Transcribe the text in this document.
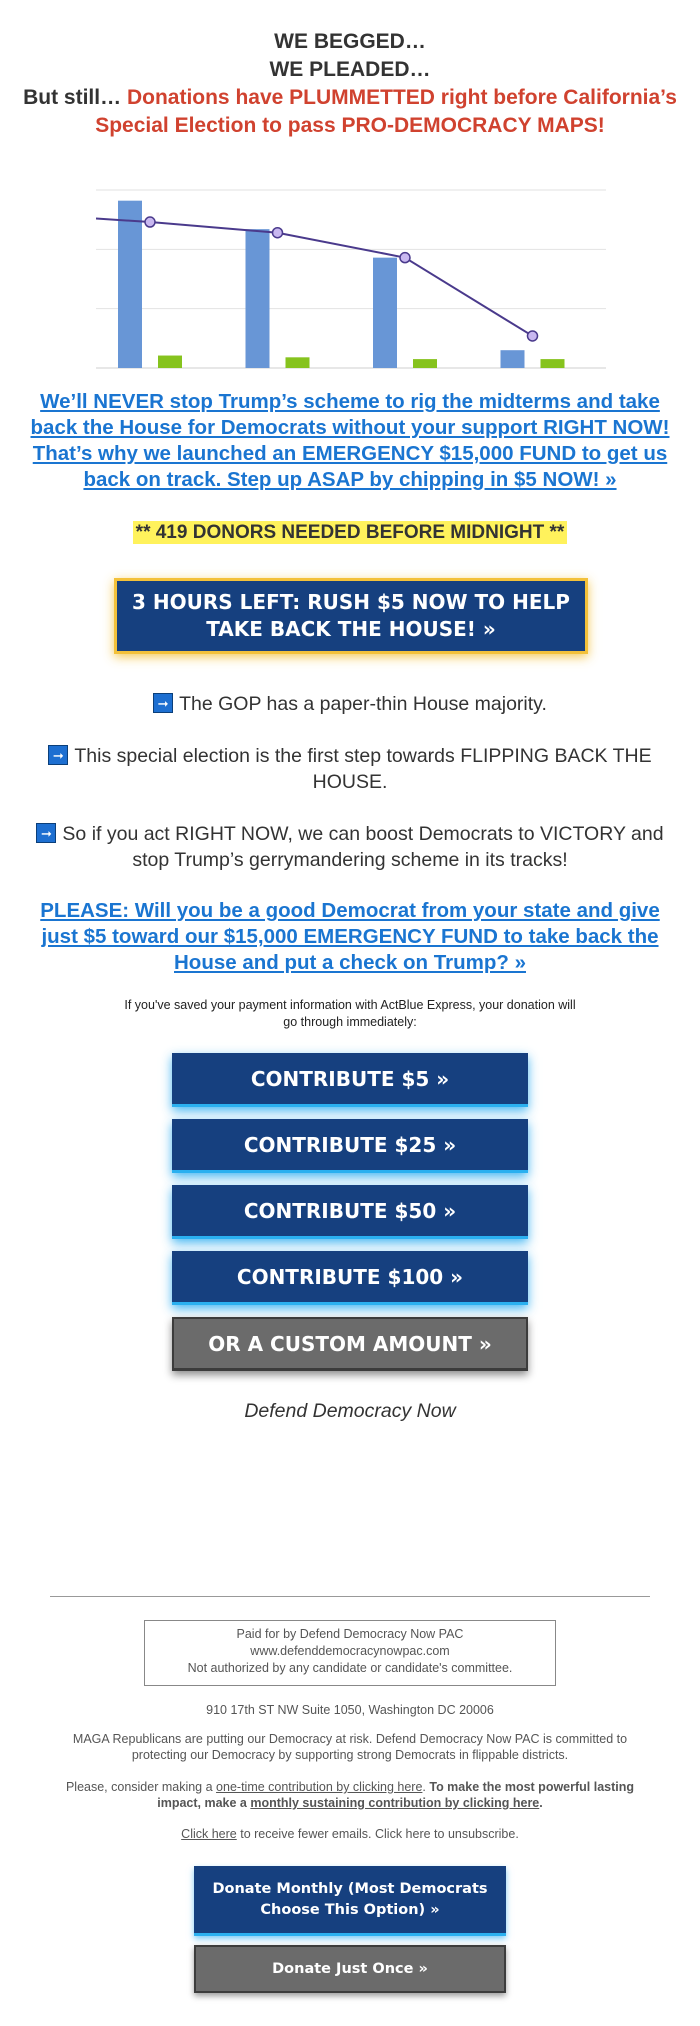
WE BEGGED…
WE PLEADED…
But still… Donations have PLUMMETTED right before California’s Special Election to pass PRO-DEMOCRACY MAPS!
We’ll NEVER stop Trump’s scheme to rig the midterms and take back the House for Democrats without your support RIGHT NOW! That’s why we launched an EMERGENCY $15,000 FUND to get us back on track. Step up ASAP by chipping in $5 NOW! »
** 419 DONORS NEEDED BEFORE MIDNIGHT **
3 HOURS LEFT: RUSH $5 NOW TO HELP TAKE BACK THE HOUSE! »
➞ The GOP has a paper-thin House majority.
➞ This special election is the first step towards FLIPPING BACK THE HOUSE.
➞ So if you act RIGHT NOW, we can boost Democrats to VICTORY and stop Trump’s gerrymandering scheme in its tracks!
PLEASE: Will you be a good Democrat from your state and give just $5 toward our $15,000 EMERGENCY FUND to take back the House and put a check on Trump? »
If you've saved your payment information with ActBlue Express, your donation will go through immediately:
CONTRIBUTE $5 »
CONTRIBUTE $25 »
CONTRIBUTE $50 »
CONTRIBUTE $100 »
OR A CUSTOM AMOUNT »
Defend Democracy Now
Paid for by Defend Democracy Now PAC
www.defenddemocracynowpac.com
Not authorized by any candidate or candidate's committee.
910 17th ST NW Suite 1050, Washington DC 20006
MAGA Republicans are putting our Democracy at risk. Defend Democracy Now PAC is committed to protecting our Democracy by supporting strong Democrats in flippable districts.
Please, consider making a one-time contribution by clicking here. To make the most powerful lasting impact, make a monthly sustaining contribution by clicking here.
Click here to receive fewer emails. Click here to unsubscribe.
Donate Monthly (Most Democrats Choose This Option) »
Donate Just Once »
